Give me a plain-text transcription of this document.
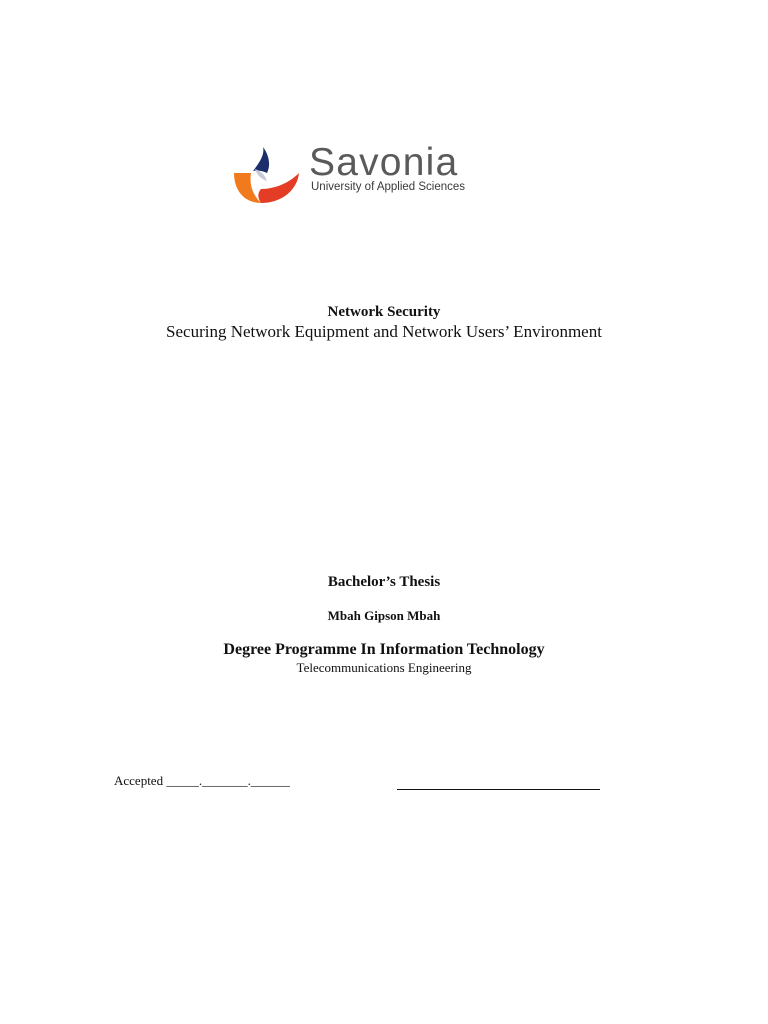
Savonia
University of Applied Sciences
Network Security
Securing Network Equipment and Network Users’ Environment
Bachelor’s Thesis
Mbah Gipson Mbah
Degree Programme In Information Technology
Telecommunications Engineering
Accepted _____._______.______
